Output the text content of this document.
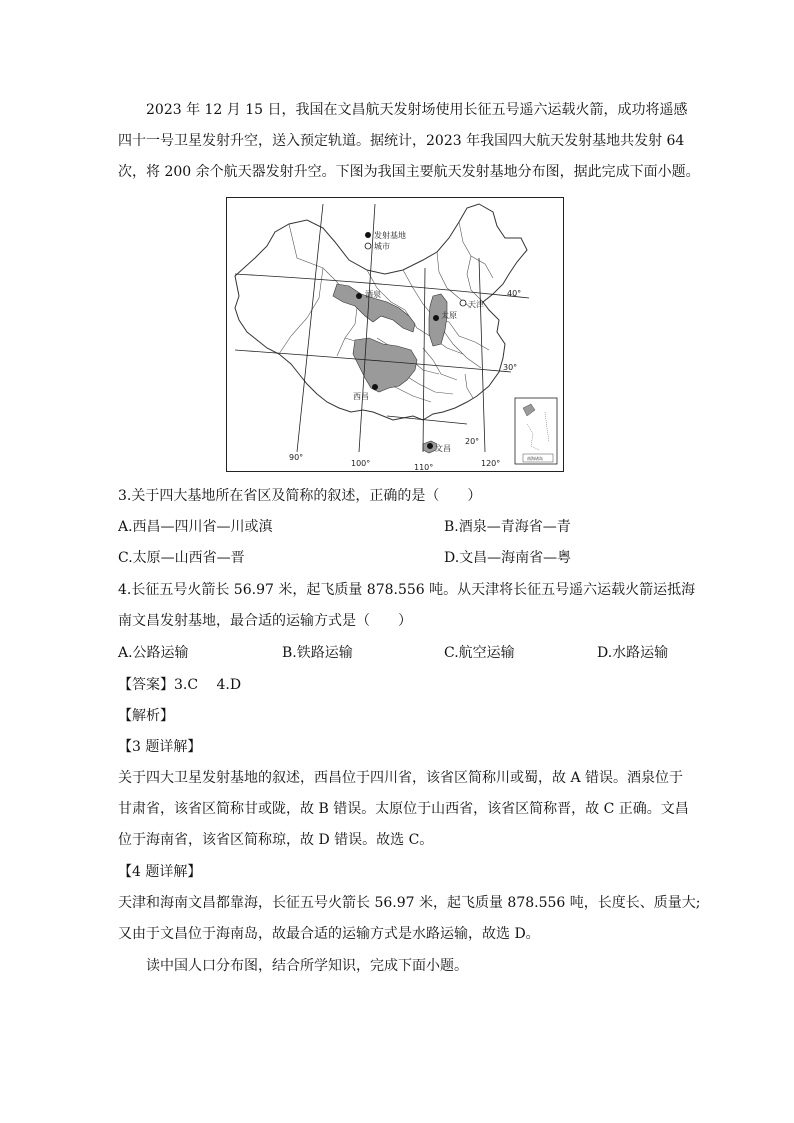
2023 年 12 月 15 日，我国在文昌航天发射场使用长征五号遥六运载火箭，成功将遥感
四十一号卫星发射升空，送入预定轨道。据统计，2023 年我国四大航天发射基地共发射 64
次，将 200 余个航天器发射升空。下图为我国主要航天发射基地分布图，据此完成下面小题。
发射基地
城市
酒泉
天津
太原
西昌
文昌
90°
100°	110°	120°
40°
30°
20°
南海诸岛
3.关于四大基地所在省区及简称的叙述，正确的是（　　）
A.西昌—四川省—川或滇	B.酒泉—青海省—青
C.太原—山西省—晋	D.文昌—海南省—粤
4.长征五号火箭长 56.97 米，起飞质量 878.556 吨。从天津将长征五号遥六运载火箭运抵海
南文昌发射基地，最合适的运输方式是（　　）
A.公路运输	B.铁路运输	C.航空运输	D.水路运输
【答案】3.C　 4.D
【解析】
【3 题详解】
关于四大卫星发射基地的叙述，西昌位于四川省，该省区简称川或蜀，故 A 错误。酒泉位于
甘肃省，该省区简称甘或陇，故 B 错误。太原位于山西省，该省区简称晋，故 C 正确。文昌
位于海南省，该省区简称琼，故 D 错误。故选 C。
【4 题详解】
天津和海南文昌都靠海，长征五号火箭长 56.97 米，起飞质量 878.556 吨，长度长、质量大;
又由于文昌位于海南岛，故最合适的运输方式是水路运输，故选 D。
读中国人口分布图，结合所学知识，完成下面小题。
